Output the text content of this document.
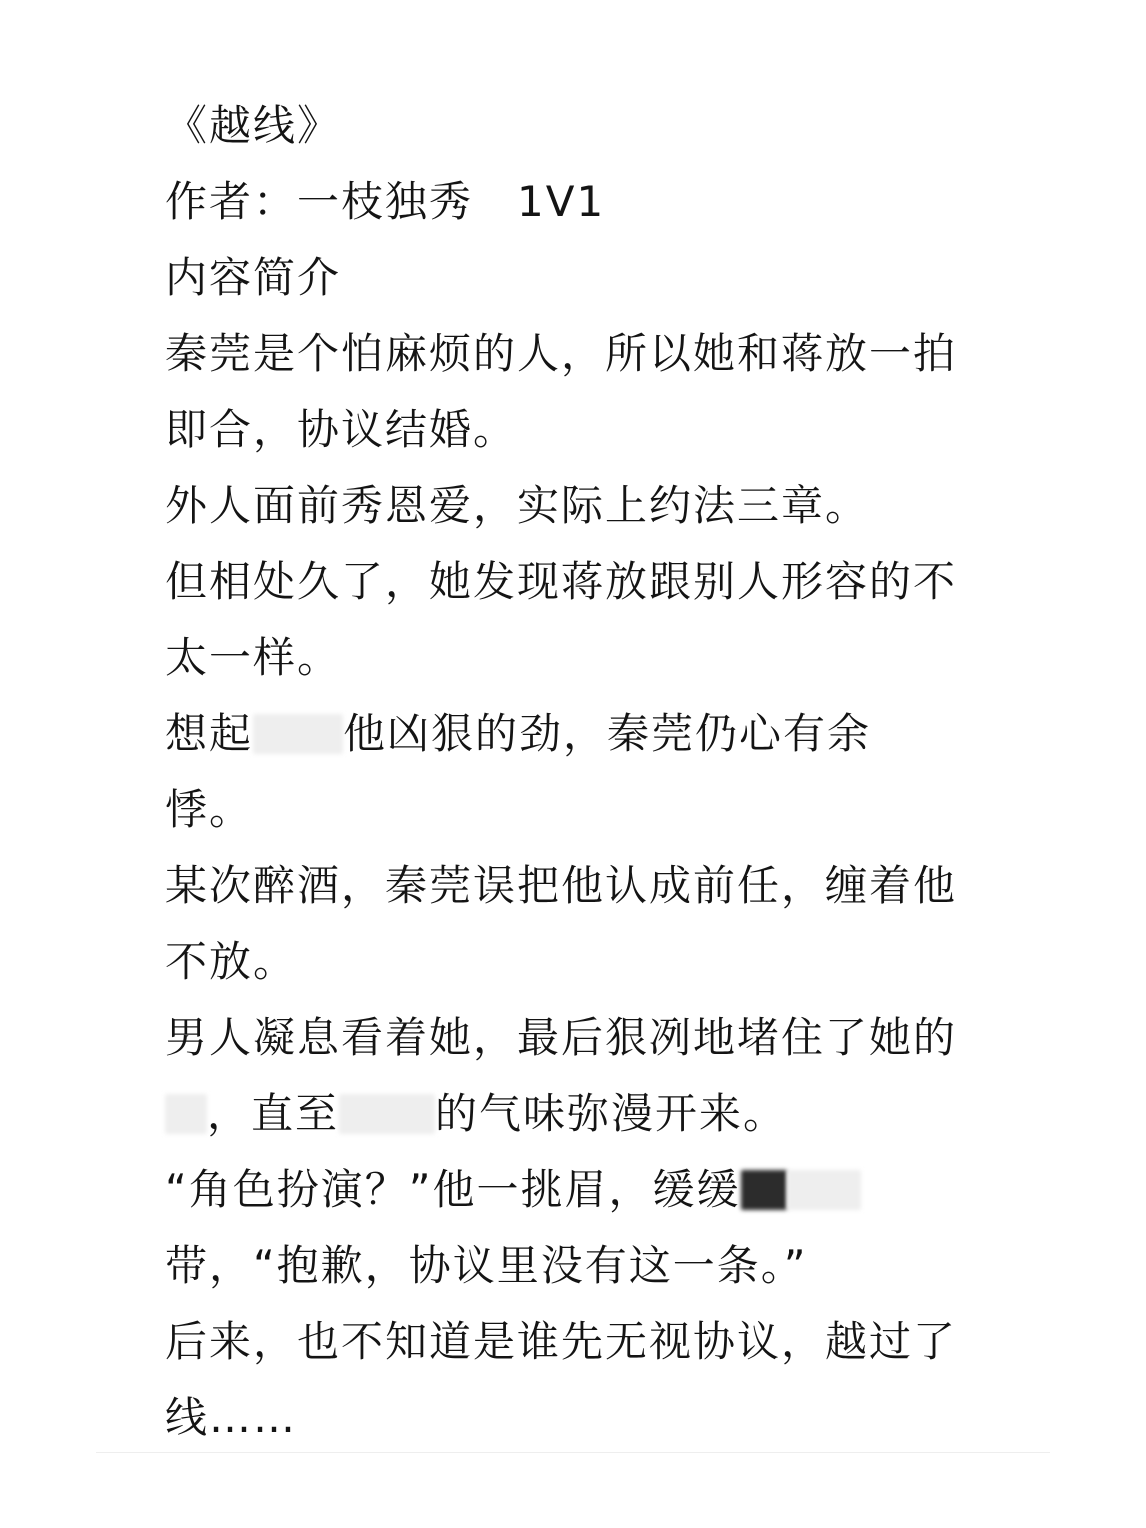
《越线》
作者：一枝独秀　1V1
内容简介
秦莞是个怕麻烦的人，所以她和蒋放一拍
即合，协议结婚。
外人面前秀恩爱，实际上约法三章。
但相处久了，她发现蒋放跟别人形容的不
太一样。
想起 他凶狠的劲，秦莞仍心有余
悸。
某次醉酒，秦莞误把他认成前任，缠着他
不放。
男人凝息看着她，最后狠冽地堵住了她的
，直至 的气味弥漫开来。
“角色扮演？”他一挑眉，缓缓
带，“抱歉，协议里没有这一条。”
后来，也不知道是谁先无视协议，越过了
线……
